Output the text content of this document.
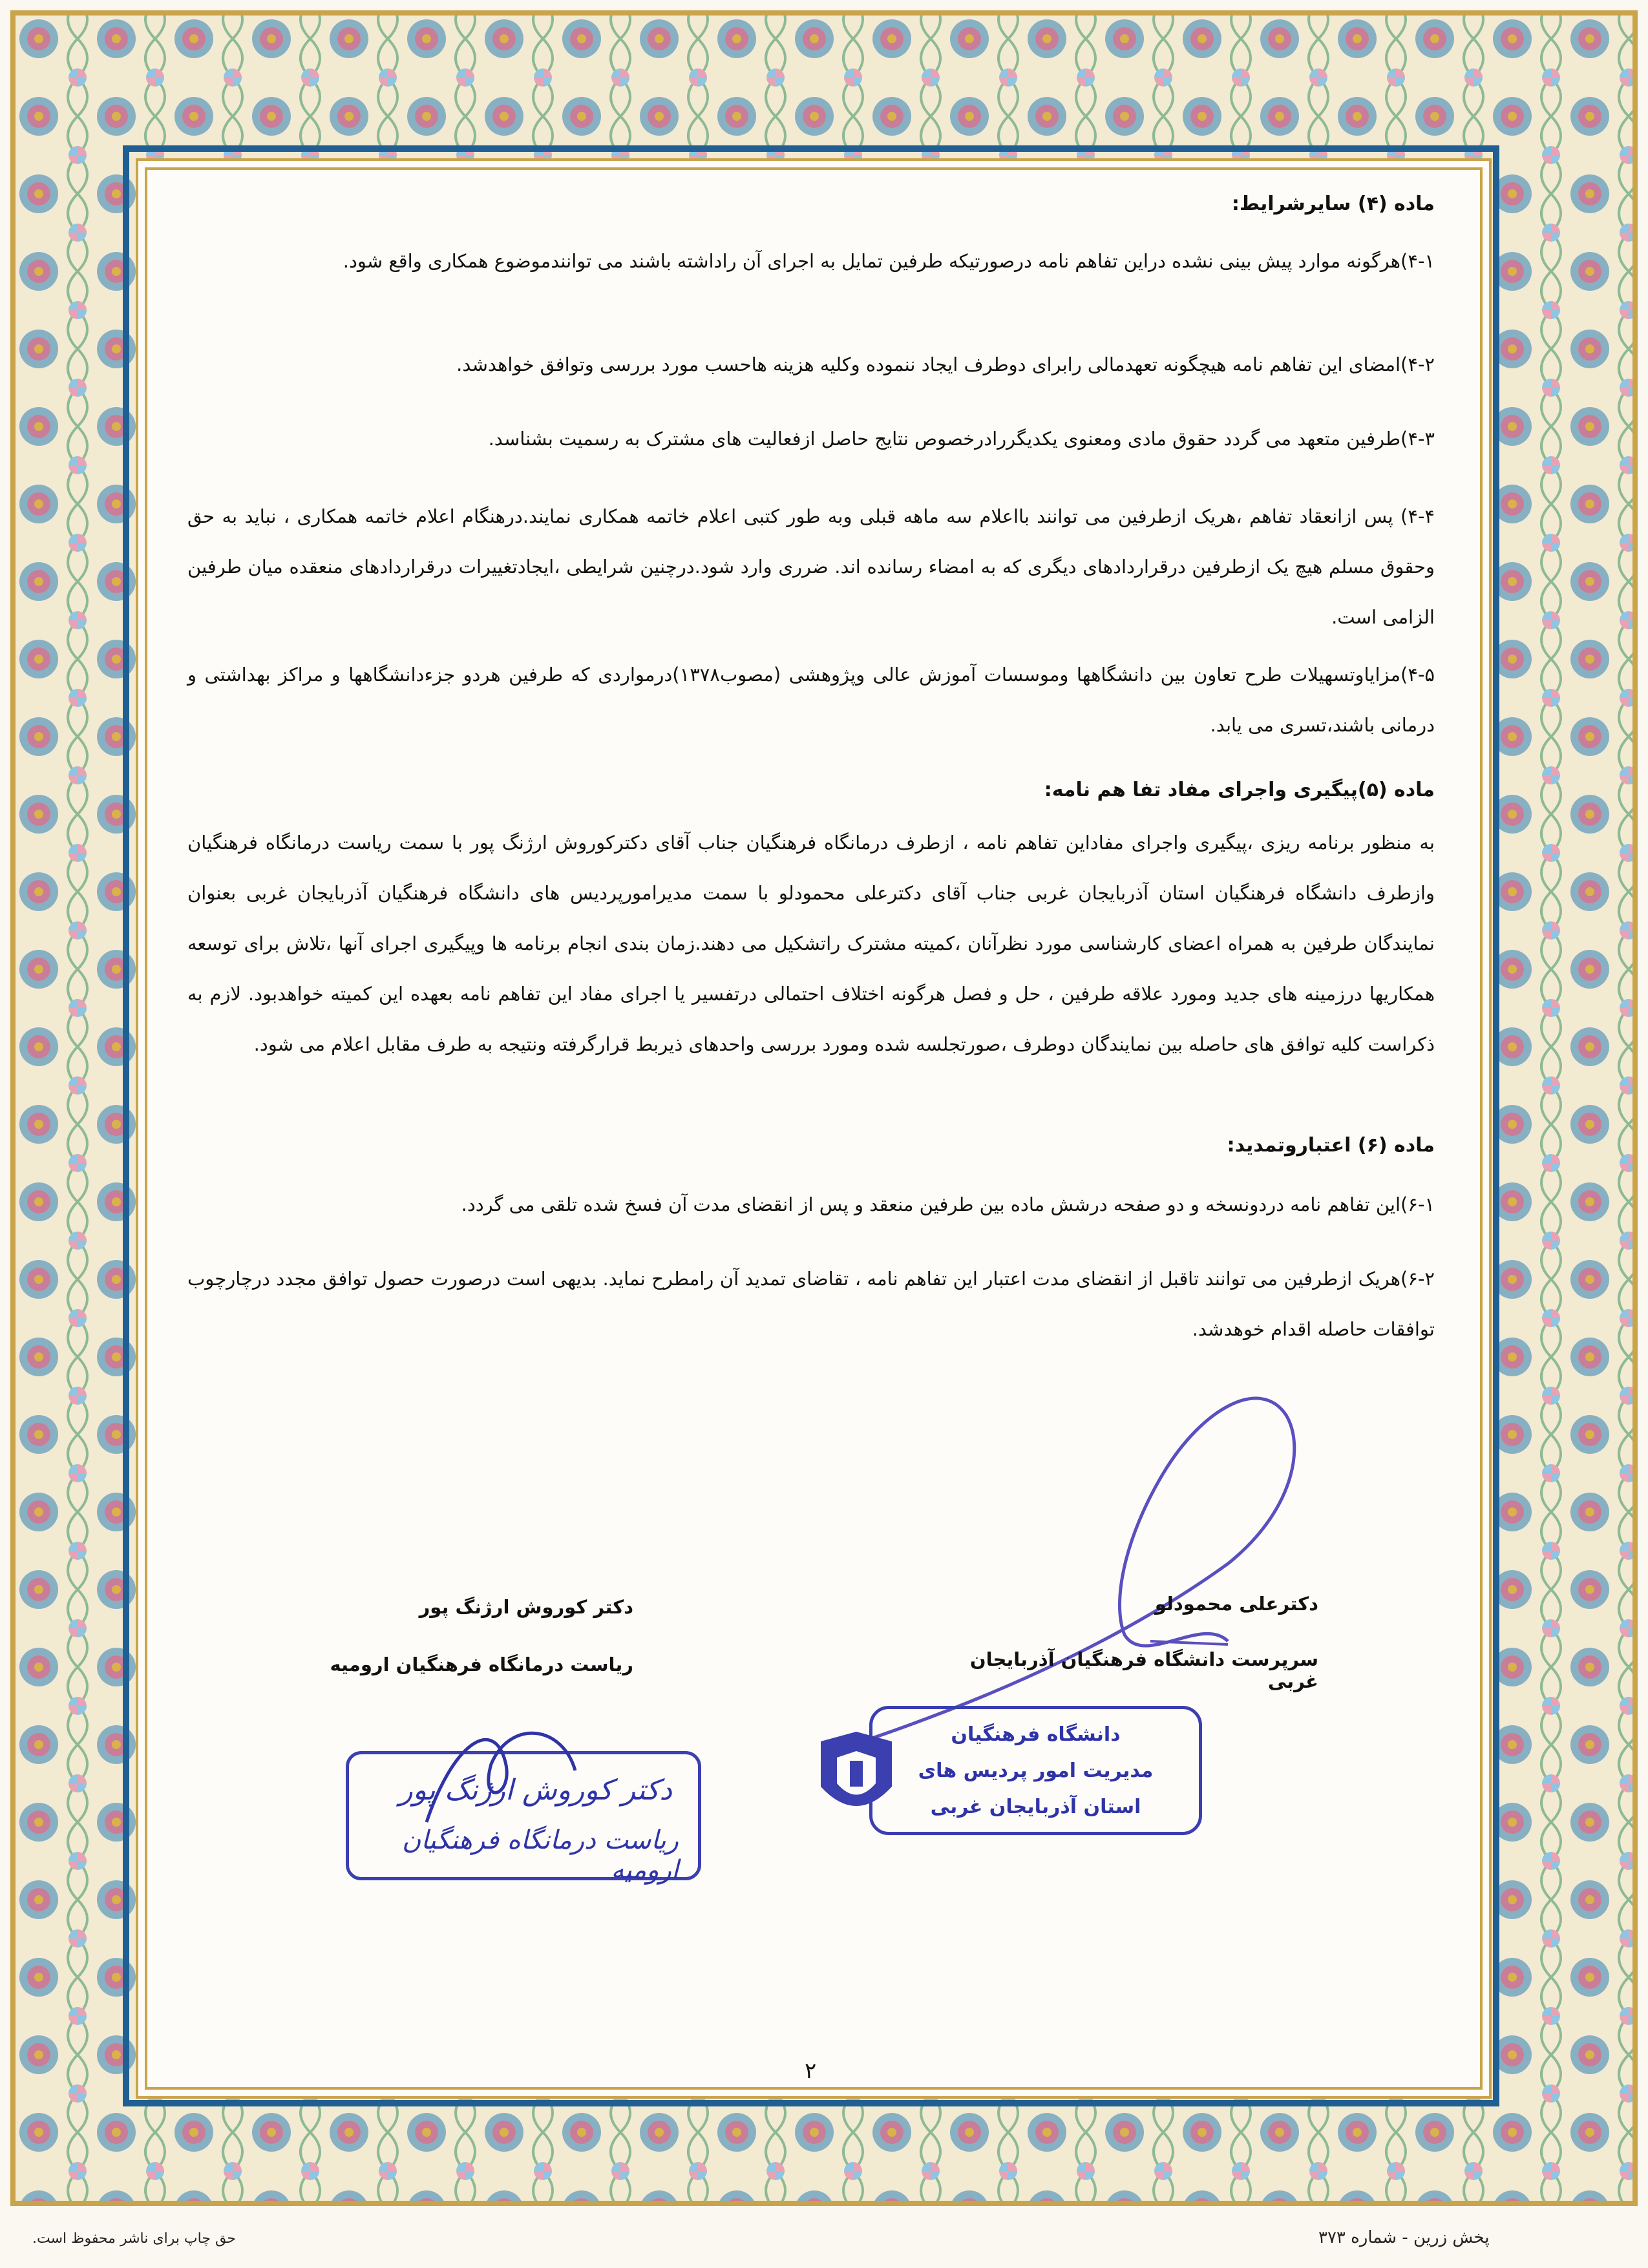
ماده (۴) سایرشرایط:

۴-۱)هرگونه موارد پیش بینی نشده دراین تفاهم نامه درصورتیکه طرفین تمایل به اجرای آن راداشته باشند می توانندموضوع همکاری واقع شود.

۴-۲)امضای این تفاهم نامه هیچگونه تعهدمالی رابرای دوطرف ایجاد ننموده وکلیه هزینه هاحسب مورد بررسی وتوافق خواهدشد.

۴-۳)طرفین متعهد می گردد حقوق مادی ومعنوی یکدیگررادرخصوص نتایج حاصل ازفعالیت های مشترک به رسمیت بشناسد.

۴-۴) پس ازانعقاد تفاهم ،هریک ازطرفین می توانند بااعلام سه ماهه قبلی وبه طور کتبی اعلام خاتمه همکاری نمایند.درهنگام اعلام خاتمه همکاری ، نباید به حق وحقوق مسلم هیچ یک ازطرفین درقراردادهای دیگری که به امضاء رسانده اند. ضرری وارد شود.درچنین شرایطی ،ایجادتغییرات درقراردادهای منعقده میان طرفین الزامی است.

۴-۵)مزایاوتسهیلات طرح تعاون بین دانشگاهها وموسسات آموزش عالی وپژوهشی (مصوب۱۳۷۸)درمواردی که طرفین هردو جزءدانشگاهها و مراکز بهداشتی و درمانی باشند،تسری می یابد.

ماده (۵)پیگیری واجرای مفاد تفا هم نامه:

به منظور برنامه ریزی ،پیگیری واجرای مفاداین تفاهم نامه ، ازطرف درمانگاه فرهنگیان جناب آقای دکترکوروش ارژنگ پور با سمت ریاست درمانگاه فرهنگیان وازطرف دانشگاه فرهنگیان استان آذربایجان غربی جناب آقای دکترعلی محمودلو با سمت مدیرامورپردیس های دانشگاه فرهنگیان آذربایجان غربی بعنوان نمایندگان طرفین به همراه اعضای کارشناسی مورد نظرآنان ،کمیته مشترک راتشکیل می دهند.زمان بندی انجام برنامه ها وپیگیری اجرای آنها ،تلاش برای توسعه همکاریها درزمینه های جدید ومورد علاقه طرفین ، حل و فصل هرگونه اختلاف احتمالی درتفسیر یا اجرای مفاد این تفاهم نامه بعهده این کمیته خواهدبود. لازم به ذکراست کلیه توافق های حاصله بین نمایندگان دوطرف ،صورتجلسه شده ومورد بررسی واحدهای ذیربط قرارگرفته ونتیجه به طرف مقابل اعلام می شود.

ماده (۶) اعتباروتمدید:

۶-۱)این تفاهم نامه دردونسخه و دو صفحه درشش ماده بین طرفین منعقد و پس از انقضای مدت آن فسخ شده تلقی می گردد.

۶-۲)هریک ازطرفین می توانند تاقبل از انقضای مدت اعتبار این تفاهم نامه ، تقاضای تمدید آن رامطرح نماید. بدیهی است درصورت حصول توافق مجدد درچارچوب توافقات حاصله اقدام خوهدشد.

دکترعلی محمودلو
سرپرست دانشگاه فرهنگیان آذربایجان غربی
دکتر کوروش ارژنگ پور
ریاست درمانگاه فرهنگیان ارومیه
دکتر کوروش ارژنگ پور
ریاست درمانگاه فرهنگیان ارومیه
دانشگاه فرهنگیان
مدیریت امور پردیس های
استان آذربایجان غربی
۲
پخش زرین - شماره ۳۷۳
حق چاپ برای ناشر محفوظ است.
